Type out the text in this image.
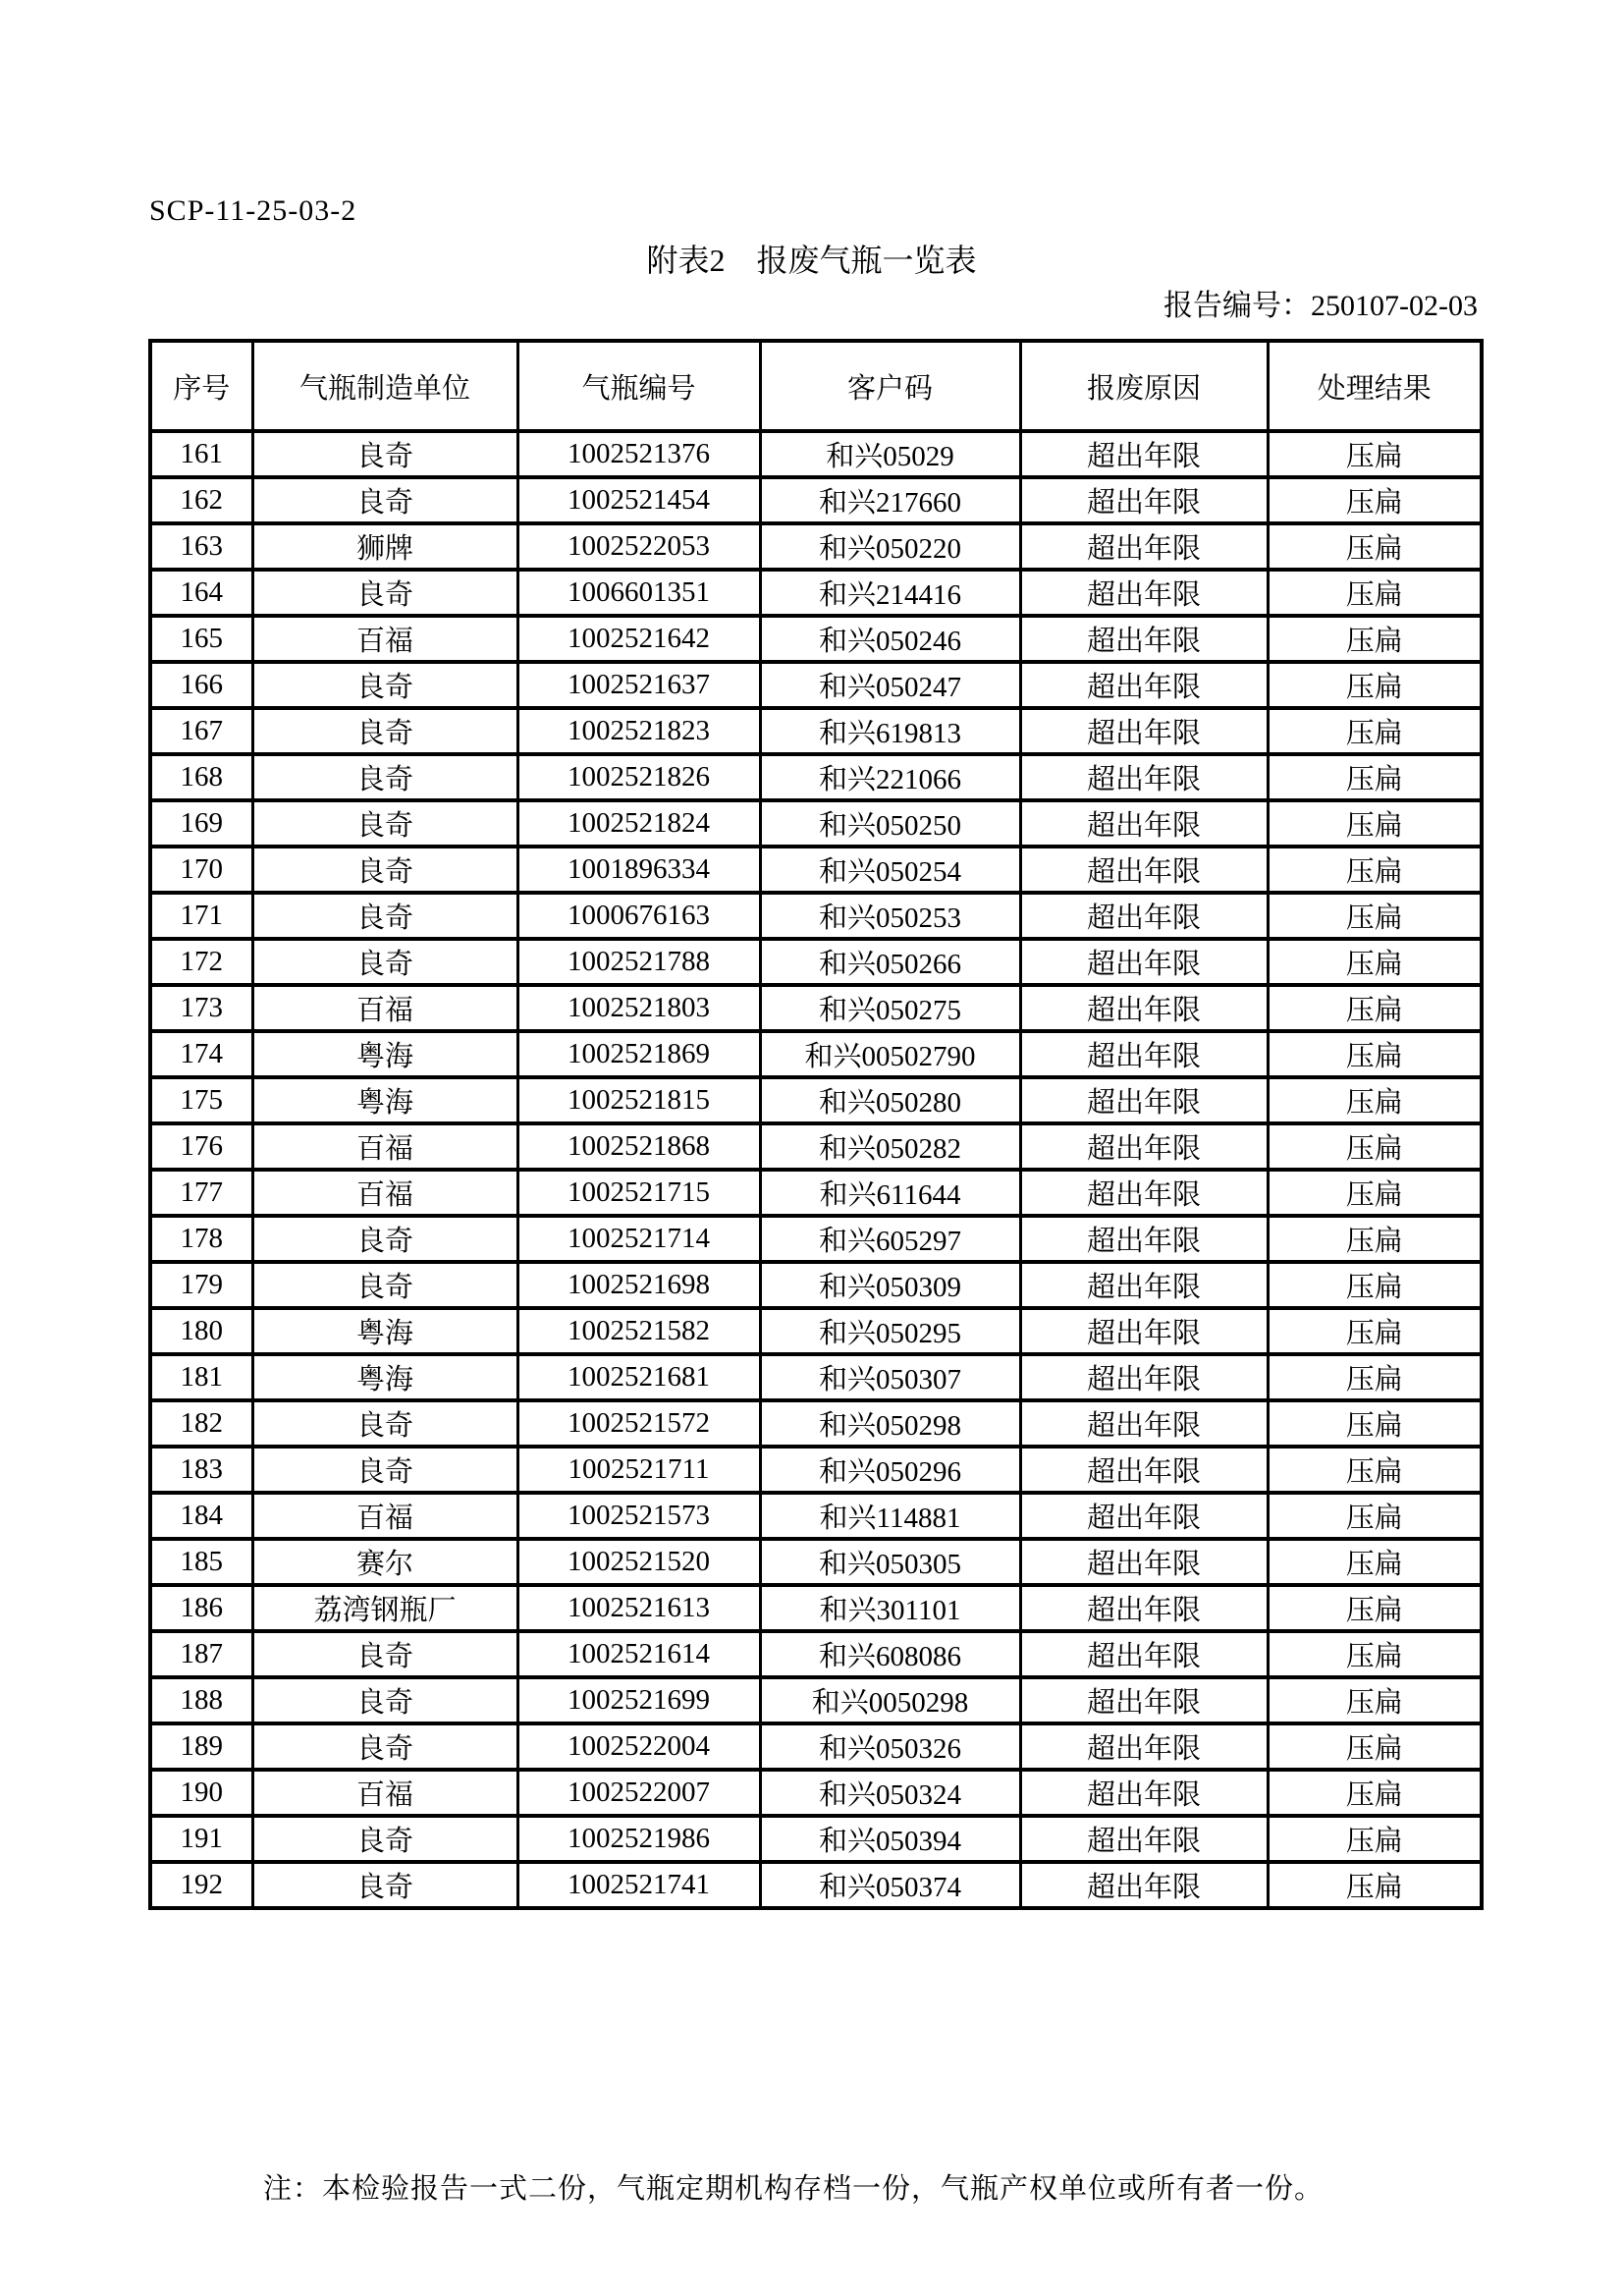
SCP-11-25-03-2
附表2　报废气瓶一览表
报告编号：250107-02-03
序号	气瓶制造单位	气瓶编号	客户码	报废原因	处理结果
161	良奇	1002521376	和兴05029	超出年限	压扁
162	良奇	1002521454	和兴217660	超出年限	压扁
163	狮牌	1002522053	和兴050220	超出年限	压扁
164	良奇	1006601351	和兴214416	超出年限	压扁
165	百福	1002521642	和兴050246	超出年限	压扁
166	良奇	1002521637	和兴050247	超出年限	压扁
167	良奇	1002521823	和兴619813	超出年限	压扁
168	良奇	1002521826	和兴221066	超出年限	压扁
169	良奇	1002521824	和兴050250	超出年限	压扁
170	良奇	1001896334	和兴050254	超出年限	压扁
171	良奇	1000676163	和兴050253	超出年限	压扁
172	良奇	1002521788	和兴050266	超出年限	压扁
173	百福	1002521803	和兴050275	超出年限	压扁
174	粤海	1002521869	和兴00502790	超出年限	压扁
175	粤海	1002521815	和兴050280	超出年限	压扁
176	百福	1002521868	和兴050282	超出年限	压扁
177	百福	1002521715	和兴611644	超出年限	压扁
178	良奇	1002521714	和兴605297	超出年限	压扁
179	良奇	1002521698	和兴050309	超出年限	压扁
180	粤海	1002521582	和兴050295	超出年限	压扁
181	粤海	1002521681	和兴050307	超出年限	压扁
182	良奇	1002521572	和兴050298	超出年限	压扁
183	良奇	1002521711	和兴050296	超出年限	压扁
184	百福	1002521573	和兴114881	超出年限	压扁
185	赛尔	1002521520	和兴050305	超出年限	压扁
186	荔湾钢瓶厂	1002521613	和兴301101	超出年限	压扁
187	良奇	1002521614	和兴608086	超出年限	压扁
188	良奇	1002521699	和兴0050298	超出年限	压扁
189	良奇	1002522004	和兴050326	超出年限	压扁
190	百福	1002522007	和兴050324	超出年限	压扁
191	良奇	1002521986	和兴050394	超出年限	压扁
192	良奇	1002521741	和兴050374	超出年限	压扁
注：本检验报告一式二份，气瓶定期机构存档一份，气瓶产权单位或所有者一份。
